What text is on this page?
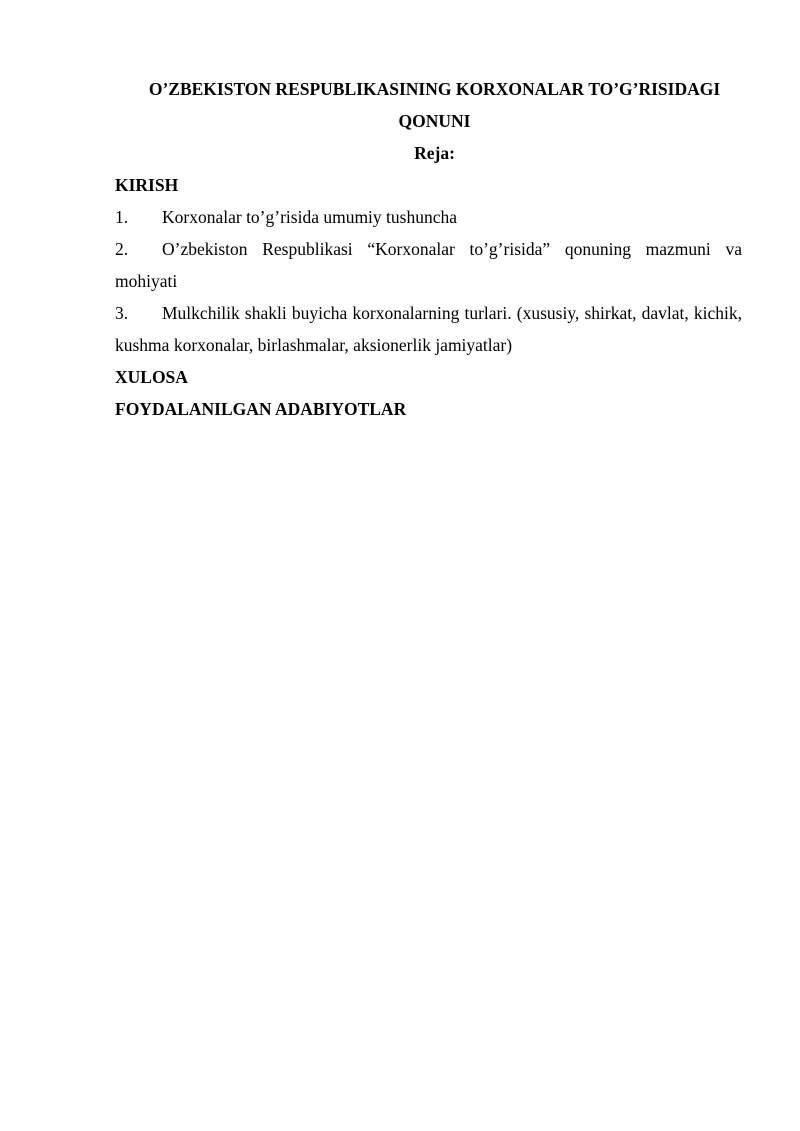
O’ZBEKISTON RESPUBLIKASINING KORXONALAR TO’G’RISIDAGI QONUNI

Reja:

KIRISH

1. Korxonalar to’g’risida umumiy tushuncha

2. O’zbekiston Respublikasi “Korxonalar to’g’risida” qonuning mazmuni va mohiyati

3. Mulkchilik shakli buyicha korxonalarning turlari. (xususiy, shirkat, davlat, kichik, kushma korxonalar, birlashmalar, aksionerlik jamiyatlar)

XULOSA

FOYDALANILGAN ADABIYOTLAR
